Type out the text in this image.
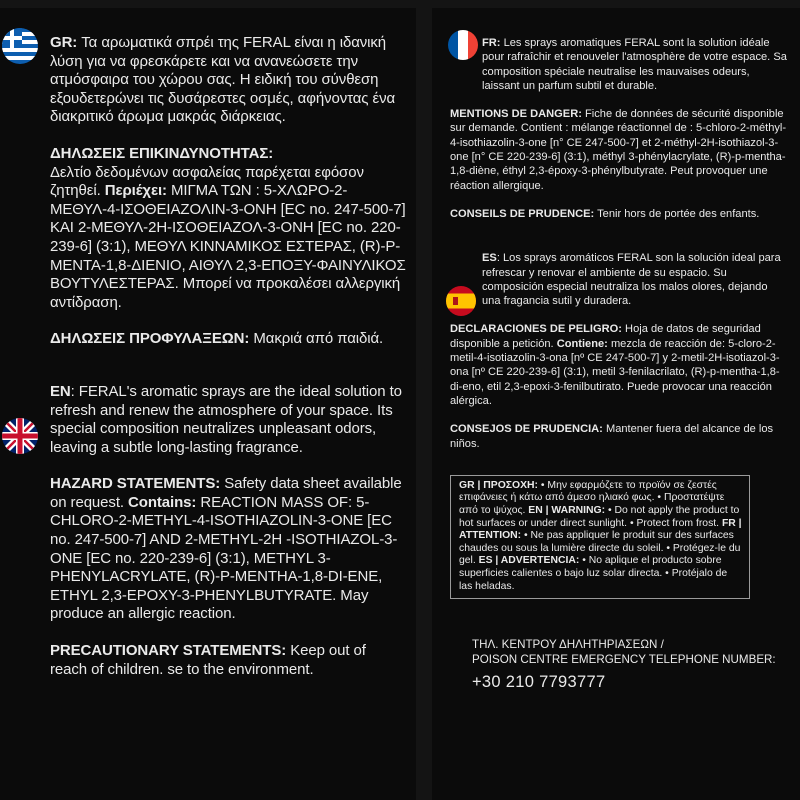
GR: Τα αρωματικά σπρέι της FERAL είναι η ιδανική λύση για να φρεσκάρετε και να ανανεώσετε την ατμόσφαιρα του χώρου σας. Η ειδική του σύνθεση εξουδετερώνει τις δυσάρεστες οσμές, αφήνοντας ένα διακριτικό άρωμα μακράς διάρκειας.

ΔΗΛΩΣΕΙΣ ΕΠΙΚΙΝΔΥΝΟΤΗΤΑΣ:
Δελτίο δεδομένων ασφαλείας παρέχεται εφόσον ζητηθεί. Περιέχει: ΜΙΓΜΑ ΤΩΝ : 5-ΧΛΩΡΟ-2-ΜΕΘΥΛ-4-ΙΣΟΘΕΙΑΖΟΛΙΝ-3-ΟΝΗ [EC no. 247-500-7] ΚΑΙ 2-ΜΕΘΥΛ-2Η-ΙΣΟΘΕΙΑΖΟΛ-3-ΟΝΗ [EC no. 220-239-6] (3:1), ΜΕΘΥΛ ΚΙΝΝΑΜΙΚΟΣ ΕΣΤΕΡΑΣ, (R)-Ρ-ΜΕΝΤΑ-1,8-ΔΙΕΝΙΟ, ΑΙΘΥΛ 2,3-ΕΠΟΞΥ-ΦΑΙΝΥΛΙΚΟΣ ΒΟΥΤΥΛΕΣΤΕΡΑΣ. Μπορεί να προκαλέσει αλλεργική αντίδραση.

ΔΗΛΩΣΕΙΣ ΠΡΟΦΥΛΑΞΕΩΝ: Μακριά από παιδιά.

EN: FERAL's aromatic sprays are the ideal solution to refresh and renew the atmosphere of your space. Its special composition neutralizes unpleasant odors, leaving a subtle long-lasting fragrance.

HAZARD STATEMENTS: Safety data sheet available on request. Contains: REACTION MASS OF: 5-CHLORO-2-METHYL-4-ISOTHIAZOLIN-3-ONE [EC no. 247-500-7] AND 2-METHYL-2H -ISOTHIAZOL-3-ONE [EC no. 220-239-6] (3:1), METHYL 3-PHENYLACRYLATE, (R)-P-MENTHA-1,8-DI-ENE, ETHYL 2,3-EPOXY-3-PHENYLBUTYRATE. May produce an allergic reaction.

PRECAUTIONARY STATEMENTS: Keep out of reach of children. se to the environment.

FR: Les sprays aromatiques FERAL sont la solution idéale pour rafraîchir et renouveler l'atmosphère de votre espace. Sa composition spéciale neutralise les mauvaises odeurs, laissant un parfum subtil et durable.

MENTIONS DE DANGER: Fiche de données de sécurité disponible sur demande. Contient : mélange réactionnel de : 5-chloro-2-méthyl-4-isothiazolin-3-one [n° CE 247-500-7] et 2-méthyl-2H-isothiazol-3-one [n° CE 220-239-6] (3:1), méthyl 3-phénylacrylate, (R)-p-mentha-1,8-diène, éthyl 2,3-époxy-3-phénylbutyrate. Peut provoquer une réaction allergique.

CONSEILS DE PRUDENCE: Tenir hors de portée des enfants.

ES: Los sprays aromáticos FERAL son la solución ideal para refrescar y renovar el ambiente de su espacio. Su composición especial neutraliza los malos olores, dejando una fragancia sutil y duradera.

DECLARACIONES DE PELIGRO: Hoja de datos de seguridad disponible a petición. Contiene: mezcla de reacción de: 5-cloro-2-metil-4-isotiazolin-3-ona [nº CE 247-500-7] y 2-metil-2H-isotiazol-3-ona [nº CE 220-239-6] (3:1), metil 3-fenilacrilato, (R)-p-mentha-1,8-di-eno, etil 2,3-epoxi-3-fenilbutirato. Puede provocar una reacción alérgica.

CONSEJOS DE PRUDENCIA: Mantener fuera del alcance de los niños.

GR | ΠΡΟΣΟΧΗ: • Μην εφαρμόζετε το προϊόν σε ζεστές επιφάνειες ή κάτω από άμεσο ηλιακό φως. • Προστατέψτε από το ψύχος. EN | WARNING: • Do not apply the product to hot surfaces or under direct sunlight. • Protect from frost. FR | ATTENTION: • Ne pas appliquer le produit sur des surfaces chaudes ou sous la lumière directe du soleil. • Protégez-le du gel. ES | ADVERTENCIA: • No aplique el producto sobre superficies calientes o bajo luz solar directa. • Protéjalo de las heladas.
ΤΗΛ. ΚΕΝΤΡΟΥ ΔΗΛΗΤΗΡΙΑΣΕΩΝ /
POISON CENTRE EMERGENCY TELEPHONE NUMBER:
+30 210 7793777
